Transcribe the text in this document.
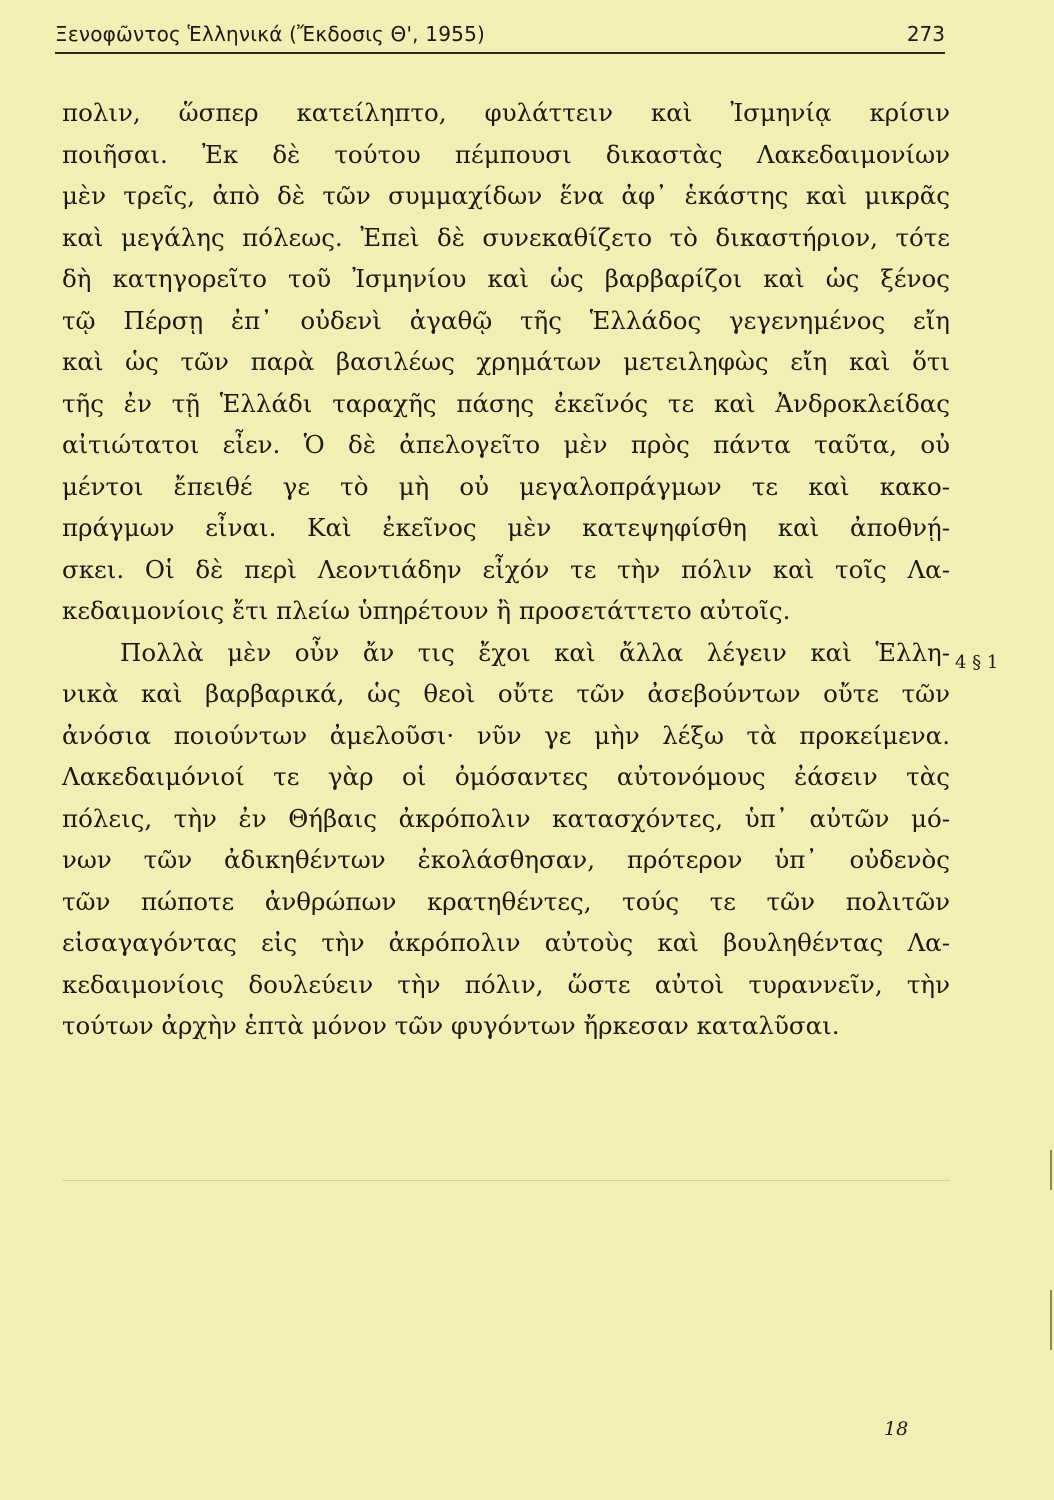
Ξενοφῶντος Ἑλληνικά (Ἔκδοσις Θ', 1955)	273
πολιν, ὥσπερ κατείληπτο, φυλάττειν καὶ Ἰσμηνίᾳ κρίσιν
ποιῆσαι. Ἐκ δὲ τούτου πέμπουσι δικαστὰς Λακεδαιμονίων
μὲν τρεῖς, ἀπὸ δὲ τῶν συμμαχίδων ἕνα ἀφ᾿ ἑκάστης καὶ μικρᾶς
καὶ μεγάλης πόλεως. Ἐπεὶ δὲ συνεκαθίζετο τὸ δικαστήριον, τότε
δὴ κατηγορεῖτο τοῦ Ἰσμηνίου καὶ ὡς βαρβαρίζοι καὶ ὡς ξένος
τῷ Πέρσῃ ἐπ᾿ οὐδενὶ ἀγαθῷ τῆς Ἑλλάδος γεγενημένος εἴη
καὶ ὡς τῶν παρὰ βασιλέως χρημάτων μετειληφὼς εἴη καὶ ὅτι
τῆς ἐν τῇ Ἑλλάδι ταραχῆς πάσης ἐκεῖνός τε καὶ Ἀνδροκλείδας
αἰτιώτατοι εἶεν. Ὁ δὲ ἀπελογεῖτο μὲν πρὸς πάντα ταῦτα, οὐ
μέντοι ἔπειθέ γε τὸ μὴ οὐ μεγαλοπράγμων τε καὶ κακο-
πράγμων εἶναι. Καὶ ἐκεῖνος μὲν κατεψηφίσθη καὶ ἀποθνῄ-
σκει. Οἱ δὲ περὶ Λεοντιάδην εἶχόν τε τὴν πόλιν καὶ τοῖς Λα-
κεδαιμονίοις ἔτι πλείω ὑπηρέτουν ἢ προσετάττετο αὐτοῖς.
Πολλὰ μὲν οὖν ἄν τις ἔχοι καὶ ἄλλα λέγειν καὶ Ἑλλη-
νικὰ καὶ βαρβαρικά, ὡς θεοὶ οὔτε τῶν ἀσεβούντων οὔτε τῶν
ἀνόσια ποιούντων ἀμελοῦσι· νῦν γε μὴν λέξω τὰ προκείμενα.
Λακεδαιμόνιοί τε γὰρ οἱ ὀμόσαντες αὐτονόμους ἐάσειν τὰς
πόλεις, τὴν ἐν Θήβαις ἀκρόπολιν κατασχόντες, ὑπ᾿ αὐτῶν μό-
νων τῶν ἀδικηθέντων ἐκολάσθησαν, πρότερον ὑπ᾿ οὐδενὸς
τῶν πώποτε ἀνθρώπων κρατηθέντες, τούς τε τῶν πολιτῶν
εἰσαγαγόντας εἰς τὴν ἀκρόπολιν αὐτοὺς καὶ βουληθέντας Λα-
κεδαιμονίοις δουλεύειν τὴν πόλιν, ὥστε αὐτοὶ τυραννεῖν, τὴν
τούτων ἀρχὴν ἑπτὰ μόνον τῶν φυγόντων ἤρκεσαν καταλῦσαι.
4 § 1
18
